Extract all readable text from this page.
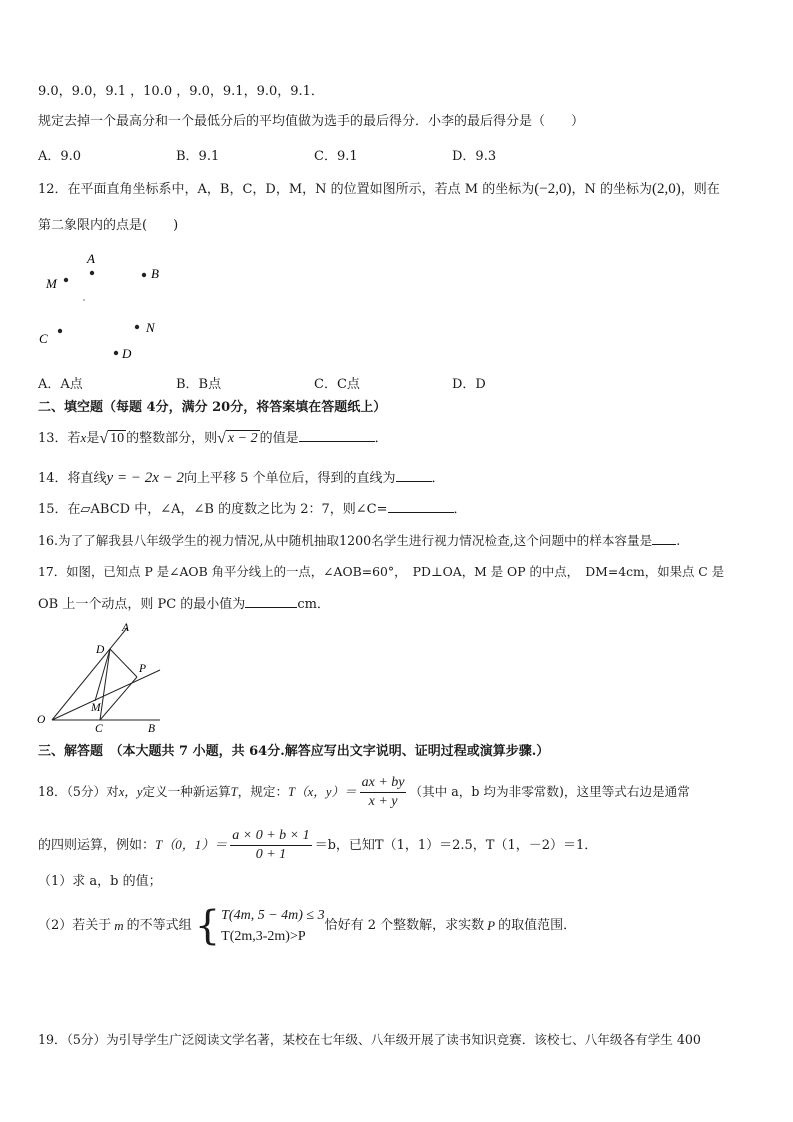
9.0，9.0，9.1 ，10.0 ，9.0，9.1，9.0，9.1．
规定去掉一个最高分和一个最低分后的平均值做为选手的最后得分．小李的最后得分是（　　）
A．9.0	B．9.1	C．9.1	D．9.3
12．在平面直角坐标系中，A，B，C，D，M，N 的位置如图所示，若点 M 的坐标为(−2,0)，N 的坐标为(2,0)，则在
第二象限内的点是(　　)
A
B
M
C
N
D
A．A点	B．B点	C．C点	D．D
二、填空题（每题 4分，满分 20分，将答案填在答题纸上）
13．若x是 √ 10 的整数部分，则 √ x − 2 的值是	．
14．将直线y = − 2x − 2向上平移 5 个单位后，得到的直线为	．
15．在▱ABCD 中，∠A，∠B 的度数之比为 2：7，则∠C=	．
16.为了了解我县八年级学生的视力情况,从中随机抽取1200名学生进行视力情况检查,这个问题中的样本容量是 .
17．如图，已知点 P 是∠AOB 角平分线上的一点，∠AOB=60°，　PD⊥OA，M 是 OP 的中点，　DM=4cm，如果点 C 是
OB 上一个动点，则 PC 的最小值为	cm．
A
D
P
O
M
C	B
三、解答题　（本大题共 7 小题，共 64分.解答应写出文字说明、证明过程或演算步骤.）
18．（5分）对x，y定义一种新运算T，规定：T（x，$y)= \frac{ax + by}{x + y}$ （其中 a，b 均为非零常数)，这里等式右边是通常
的四则运算，例如：T（0，$1)= \frac{a \times 0 + b \times 1}{0 + 1} =b$，已知T（1，1）＝2.5，T（1，－2）＝1．
（1）求 a，b 的值；
（2）若关于 m 的不等式组 { T(4m, 5 − 4m) ≤ 3
T(2m,3-2m)>P
恰好有 2 个整数解，求实数 P 的取值范围．
19．（5分）为引导学生广泛阅读文学名著，某校在七年级、八年级开展了读书知识竞赛．该校七、八年级各有学生 400
